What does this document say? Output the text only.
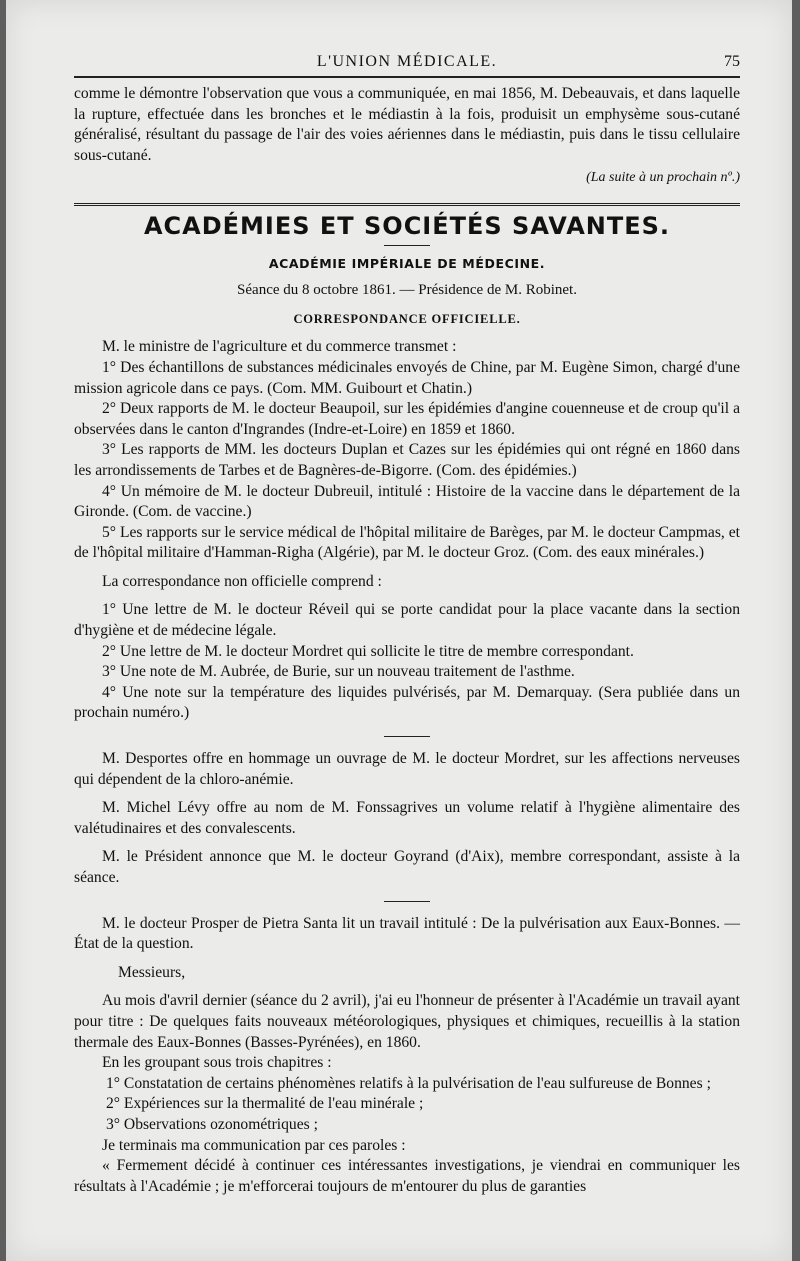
L'UNION MÉDICALE.	75

comme le démontre l'observation que vous a communiquée, en mai 1856, M. Debeauvais, et dans laquelle la rupture, effectuée dans les bronches et le médiastin à la fois, produisit un emphysème sous-cutané généralisé, résultant du passage de l'air des voies aériennes dans le médiastin, puis dans le tissu cellulaire sous-cutané.

(La suite à un prochain nº.)

ACADÉMIES ET SOCIÉTÉS SAVANTES.
ACADÉMIE IMPÉRIALE DE MÉDECINE.
Séance du 8 octobre 1861. — Présidence de M. Robinet.
CORRESPONDANCE OFFICIELLE.

M. le ministre de l'agriculture et du commerce transmet :

1° Des échantillons de substances médicinales envoyés de Chine, par M. Eugène Simon, chargé d'une mission agricole dans ce pays. (Com. MM. Guibourt et Chatin.)

2° Deux rapports de M. le docteur Beaupoil, sur les épidémies d'angine couenneuse et de croup qu'il a observées dans le canton d'Ingrandes (Indre-et-Loire) en 1859 et 1860.

3° Les rapports de MM. les docteurs Duplan et Cazes sur les épidémies qui ont régné en 1860 dans les arrondissements de Tarbes et de Bagnères-de-Bigorre. (Com. des épidémies.)

4° Un mémoire de M. le docteur Dubreuil, intitulé : Histoire de la vaccine dans le département de la Gironde. (Com. de vaccine.)

5° Les rapports sur le service médical de l'hôpital militaire de Barèges, par M. le docteur Campmas, et de l'hôpital militaire d'Hamman-Righa (Algérie), par M. le docteur Groz. (Com. des eaux minérales.)

La correspondance non officielle comprend :

1° Une lettre de M. le docteur Réveil qui se porte candidat pour la place vacante dans la section d'hygiène et de médecine légale.

2° Une lettre de M. le docteur Mordret qui sollicite le titre de membre correspondant.

3° Une note de M. Aubrée, de Burie, sur un nouveau traitement de l'asthme.

4° Une note sur la température des liquides pulvérisés, par M. Demarquay. (Sera publiée dans un prochain numéro.)

M. Desportes offre en hommage un ouvrage de M. le docteur Mordret, sur les affections nerveuses qui dépendent de la chloro-anémie.

M. Michel Lévy offre au nom de M. Fonssagrives un volume relatif à l'hygiène alimentaire des valétudinaires et des convalescents.

M. le Président annonce que M. le docteur Goyrand (d'Aix), membre correspondant, assiste à la séance.

M. le docteur Prosper de Pietra Santa lit un travail intitulé : De la pulvérisation aux Eaux-Bonnes. — État de la question.

Messieurs,

Au mois d'avril dernier (séance du 2 avril), j'ai eu l'honneur de présenter à l'Académie un travail ayant pour titre : De quelques faits nouveaux météorologiques, physiques et chimiques, recueillis à la station thermale des Eaux-Bonnes (Basses-Pyrénées), en 1860.

En les groupant sous trois chapitres :

1° Constatation de certains phénomènes relatifs à la pulvérisation de l'eau sulfureuse de Bonnes ;

2° Expériences sur la thermalité de l'eau minérale ;

3° Observations ozonométriques ;

Je terminais ma communication par ces paroles :

« Fermement décidé à continuer ces intéressantes investigations, je viendrai en communiquer les résultats à l'Académie ; je m'efforcerai toujours de m'entourer du plus de garanties
